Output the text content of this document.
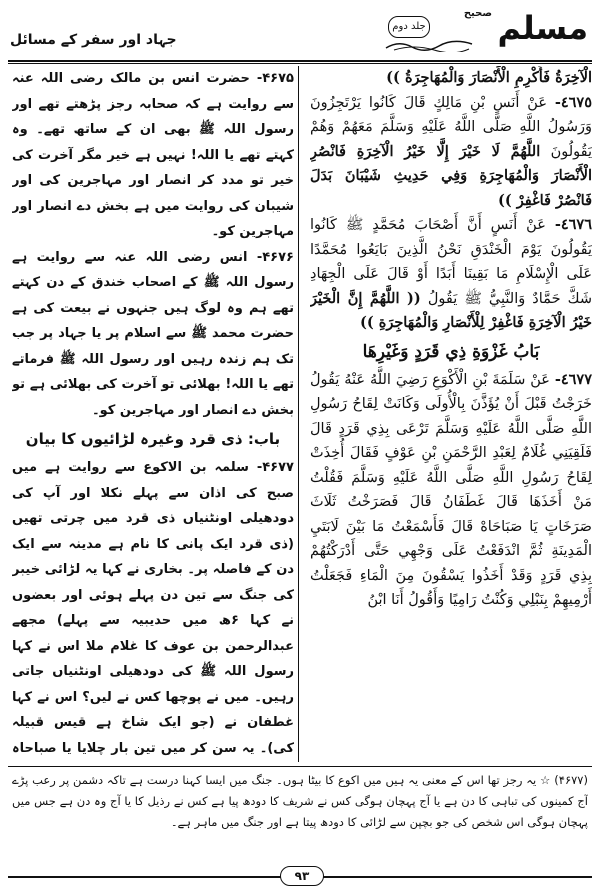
جہاد اور سفر کے مسائل
صحیح مسلم
جلد دوم

الْآخِرَةُ فَأَكْرِمِ الْأَنْصَارَ وَالْمُهَاجِرَةُ ))

٤٦٧٥- عَنْ أَنَسِ بْنِ مَالِكٍ قَالَ كَانُوا يَرْتَجِزُونَ وَرَسُولُ اللَّهِ صَلَّى اللَّهُ عَلَيْهِ وَسَلَّمَ مَعَهُمْ وَهُمْ يَقُولُونَ اللَّهُمَّ لَا خَيْرَ إِلَّا خَيْرُ الْآخِرَةِ فَانْصُرِ الْأَنْصَارَ وَالْمُهَاجِرَةِ وَفِي حَدِيثِ شَيْبَانَ بَدَلَ فَانْصُرْ فَاغْفِرْ ))

٤٦٧٦- عَنْ أَنَسٍ أَنَّ أَصْحَابَ مُحَمَّدٍ ﷺ كَانُوا يَقُولُونَ يَوْمَ الْخَنْدَقِ نَحْنُ الَّذِينَ بَايَعُوا مُحَمَّدًا عَلَى الْإِسْلَامِ مَا بَقِينَا أَبَدًا أَوْ قَالَ عَلَى الْجِهَادِ شَكَّ حَمَّادٌ وَالنَّبِيُّ ﷺ يَقُولُ (( اللَّهُمَّ إِنَّ الْخَيْرَ خَيْرُ الْآخِرَةِ فَاغْفِرْ لِلْأَنْصَارِ وَالْمُهَاجِرَةِ ))

بَابُ غَزْوَةِ ذِي قَرَدٍ وَغَيْرِهَا

٤٦٧٧- عَنْ سَلَمَةَ بْنِ الْأَكْوَعِ رَضِيَ اللَّهُ عَنْهُ يَقُولُ خَرَجْتُ قَبْلَ أَنْ يُؤَذَّنَ بِالْأُولَى وَكَانَتْ لِقَاحُ رَسُولِ اللَّهِ صَلَّى اللَّهُ عَلَيْهِ وَسَلَّمَ تَرْعَى بِذِي قَرَدٍ قَالَ فَلَقِيَنِي غُلَامٌ لِعَبْدِ الرَّحْمَنِ بْنِ عَوْفٍ فَقَالَ أُخِذَتْ لِقَاحُ رَسُولِ اللَّهِ صَلَّى اللَّهُ عَلَيْهِ وَسَلَّمَ فَقُلْتُ مَنْ أَخَذَهَا قَالَ غَطَفَانُ قَالَ فَصَرَخْتُ ثَلَاثَ صَرَخَاتٍ يَا صَبَاحَاهْ قَالَ فَأَسْمَعْتُ مَا بَيْنَ لَابَتَيِ الْمَدِينَةِ ثُمَّ انْدَفَعْتُ عَلَى وَجْهِي حَتَّى أَدْرَكْتُهُمْ بِذِي قَرَدٍ وَقَدْ أَخَذُوا يَسْقُونَ مِنَ الْمَاءِ فَجَعَلْتُ أَرْمِيهِمْ بِنَبْلِي وَكُنْتُ رَامِيًا وَأَقُولُ أَنَا ابْنُ

۴۶۷۵- حضرت انس بن مالک رضی اللہ عنہ سے روایت ہے کہ صحابہ رجز پڑھتے تھے اور رسول اللہ ﷺ بھی ان کے ساتھ تھے۔ وہ کہتے تھے یا اللہ! نہیں ہے خیر مگر آخرت کی خیر تو مدد کر انصار اور مہاجرین کی اور شیبان کی روایت میں ہے بخش دے انصار اور مہاجرین کو۔

۴۶۷۶- انس رضی اللہ عنہ سے روایت ہے رسول اللہ ﷺ کے اصحاب خندق کے دن کہتے تھے ہم وہ لوگ ہیں جنہوں نے بیعت کی ہے حضرت محمد ﷺ سے اسلام پر یا جہاد پر جب تک ہم زندہ رہیں اور رسول اللہ ﷺ فرماتے تھے یا اللہ! بھلائی تو آخرت کی بھلائی ہے تو بخش دے انصار اور مہاجرین کو۔

باب: ذی قرد وغیرہ لڑائیوں کا بیان

۴۶۷۷- سلمہ بن الاکوع سے روایت ہے میں صبح کی اذان سے پہلے نکلا اور آپ کی دودھیلی اونٹنیاں ذی قرد میں چرتی تھیں (ذی قرد ایک پانی کا نام ہے مدینہ سے ایک دن کے فاصلہ پر۔ بخاری نے کہا یہ لڑائی خیبر کی جنگ سے تین دن پہلے ہوئی اور بعضوں نے کہا ۶ھ میں حدیبیہ سے پہلے) مجھے عبدالرحمن بن عوف کا غلام ملا اس نے کہا رسول اللہ ﷺ کی دودھیلی اونٹنیاں جاتی رہیں۔ میں نے پوچھا کس نے لیں؟ اس نے کہا غطفان نے (جو ایک شاخ ہے قیس قبیلہ کی)۔ یہ سن کر میں تین بار چلایا یا صباحاہ

(۴۶۷۷) ☆ یہ رجز تھا اس کے معنی یہ ہیں میں اکوع کا بیٹا ہوں۔ جنگ میں ایسا کہنا درست ہے تاکہ دشمن پر رعب پڑے آج کمینوں کی تباہی کا دن ہے یا آج پہچان ہوگی کس نے شریف کا دودھ پیا ہے کس نے رذیل کا یا آج وہ دن ہے جس میں پہچان ہوگی اس شخص کی جو بچپن سے لڑائی کا دودھ پیتا ہے اور جنگ میں ماہر ہے۔
۹۳
